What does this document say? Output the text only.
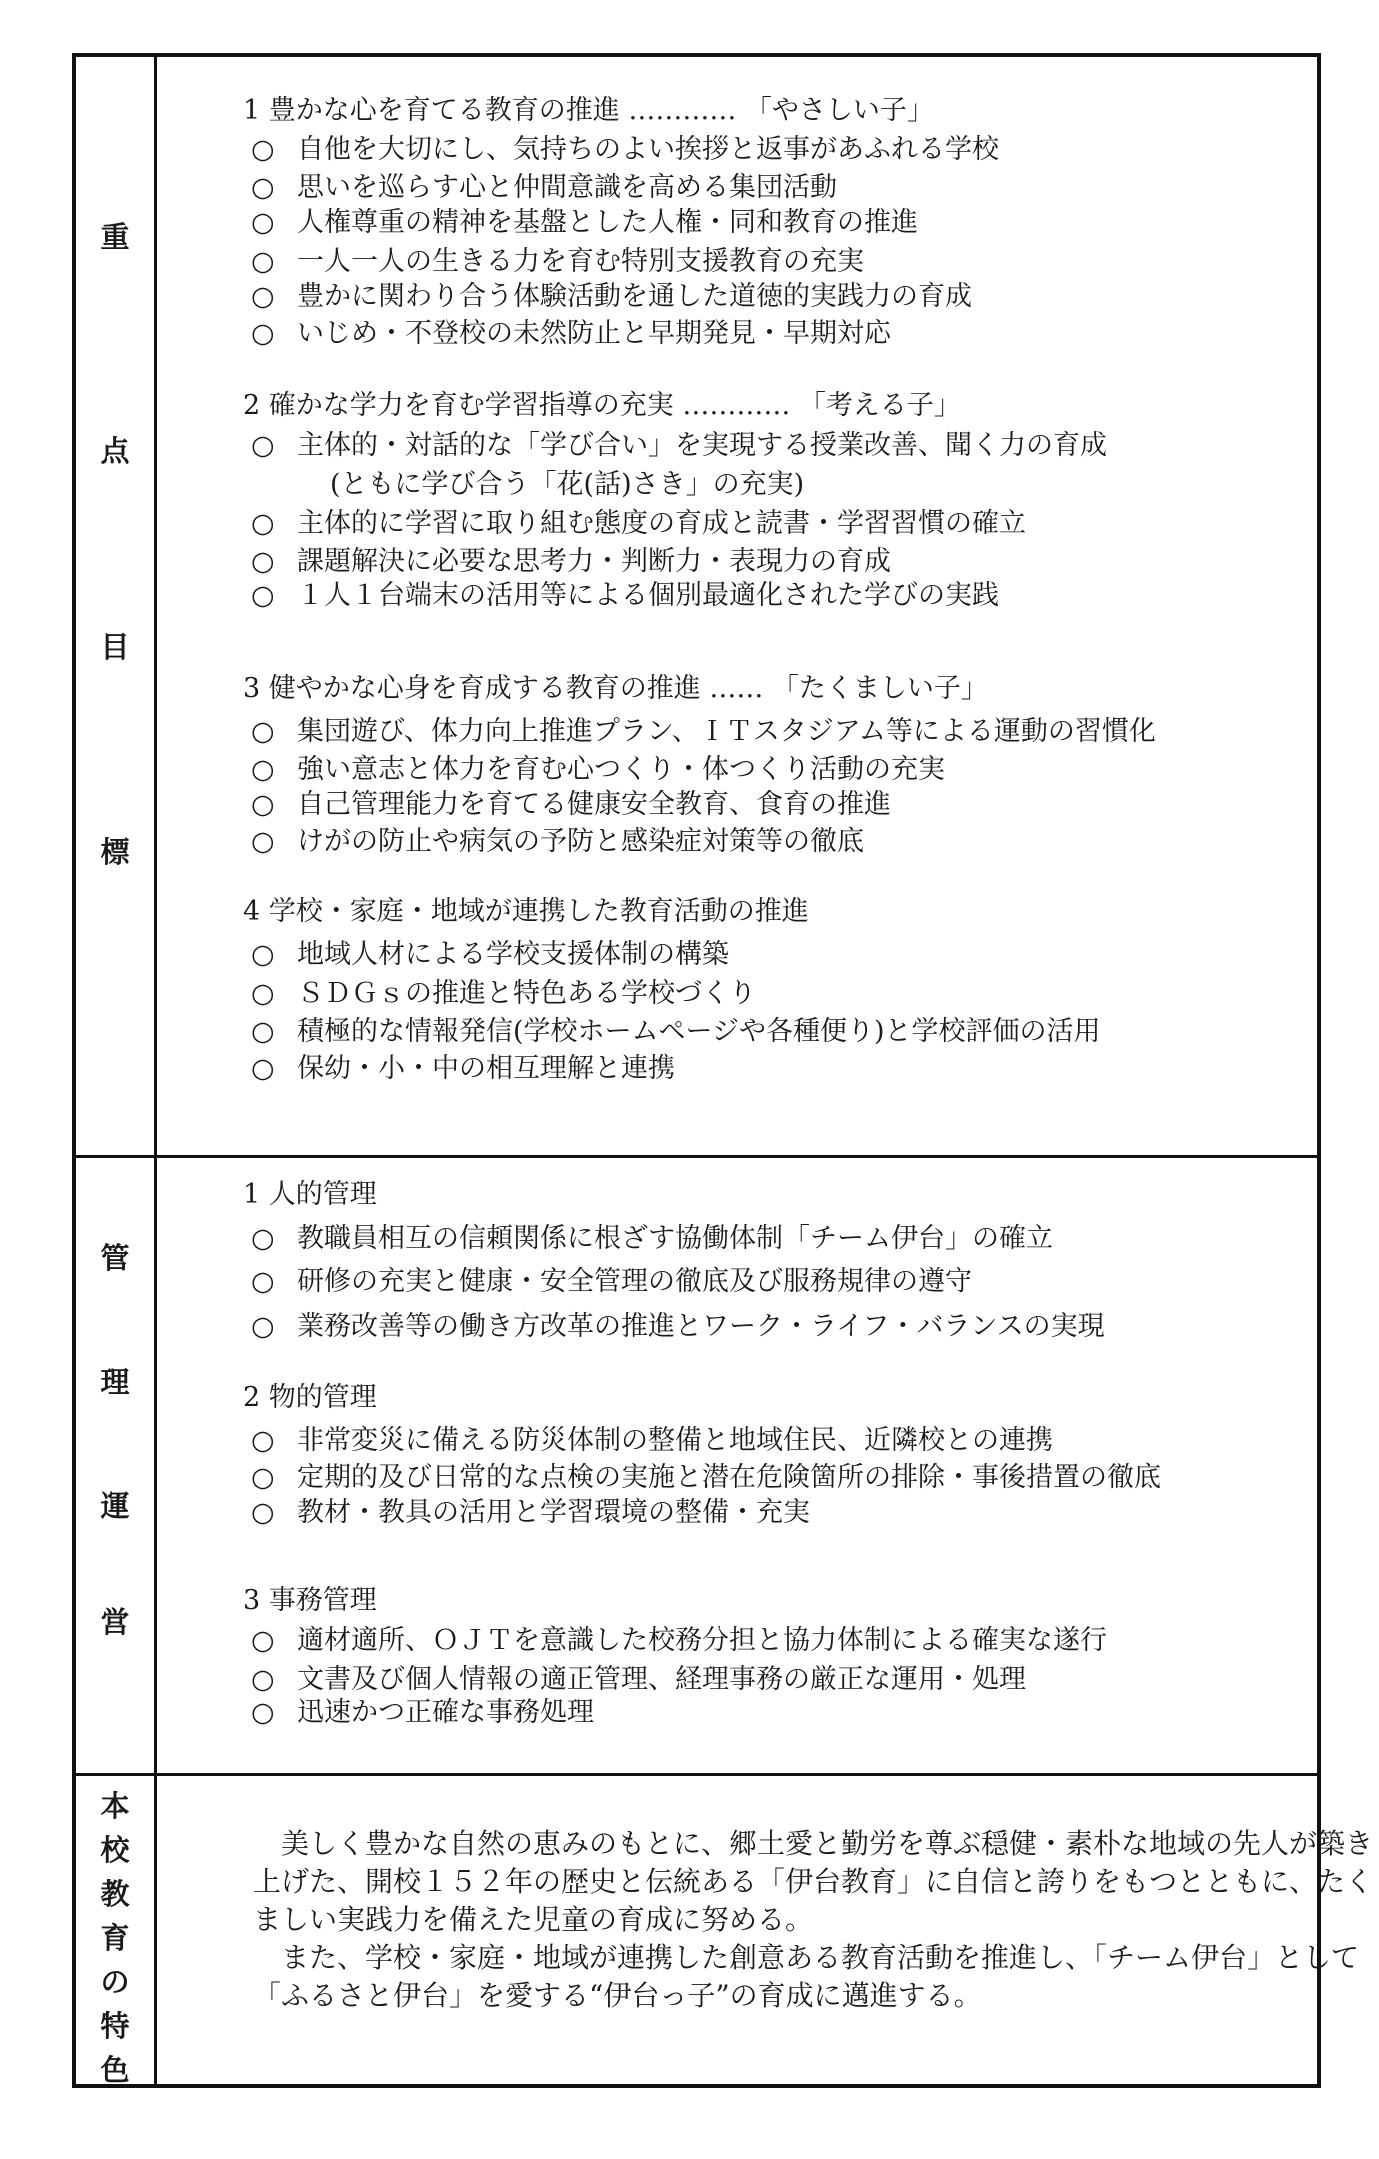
重
点
目
標
1 豊かな心を育てる教育の推進 ………… 「やさしい子」
○ 自他を大切にし、気持ちのよい挨拶と返事があふれる学校
○ 思いを巡らす心と仲間意識を高める集団活動
○ 人権尊重の精神を基盤とした人権・同和教育の推進
○ 一人一人の生きる力を育む特別支援教育の充実
○ 豊かに関わり合う体験活動を通した道徳的実践力の育成
○ いじめ・不登校の未然防止と早期発見・早期対応
2 確かな学力を育む学習指導の充実 ………… 「考える子」
○ 主体的・対話的な「学び合い」を実現する授業改善、聞く力の育成
(ともに学び合う「花(話)さき」の充実)
○ 主体的に学習に取り組む態度の育成と読書・学習習慣の確立
○ 課題解決に必要な思考力・判断力・表現力の育成
○ １人１台端末の活用等による個別最適化された学びの実践
3 健やかな心身を育成する教育の推進 …… 「たくましい子」
○ 集団遊び、体力向上推進プラン、ＩＴスタジアム等による運動の習慣化
○ 強い意志と体力を育む心つくり・体つくり活動の充実
○ 自己管理能力を育てる健康安全教育、食育の推進
○ けがの防止や病気の予防と感染症対策等の徹底
4 学校・家庭・地域が連携した教育活動の推進
○ 地域人材による学校支援体制の構築
○ ＳＤＧｓの推進と特色ある学校づくり
○ 積極的な情報発信(学校ホームページや各種便り)と学校評価の活用
○ 保幼・小・中の相互理解と連携
管
理
運
営
1 人的管理
○ 教職員相互の信頼関係に根ざす協働体制「チーム伊台」の確立
○ 研修の充実と健康・安全管理の徹底及び服務規律の遵守
○ 業務改善等の働き方改革の推進とワーク・ライフ・バランスの実現
2 物的管理
○ 非常変災に備える防災体制の整備と地域住民、近隣校との連携
○ 定期的及び日常的な点検の実施と潜在危険箇所の排除・事後措置の徹底
○ 教材・教具の活用と学習環境の整備・充実
3 事務管理
○ 適材適所、ＯＪＴを意識した校務分担と協力体制による確実な遂行
○ 文書及び個人情報の適正管理、経理事務の厳正な運用・処理
○ 迅速かつ正確な事務処理
本
校
教
育
の
特
色
　美しく豊かな自然の恵みのもとに、郷土愛と勤労を尊ぶ穏健・素朴な地域の先人が築き上げた、開校１５２年の歴史と伝統ある「伊台教育」に自信と誇りをもつとともに、たくましい実践力を備えた児童の育成に努める。
　また、学校・家庭・地域が連携した創意ある教育活動を推進し、「チーム伊台」として「ふるさと伊台」を愛する“伊台っ子”の育成に邁進する。
